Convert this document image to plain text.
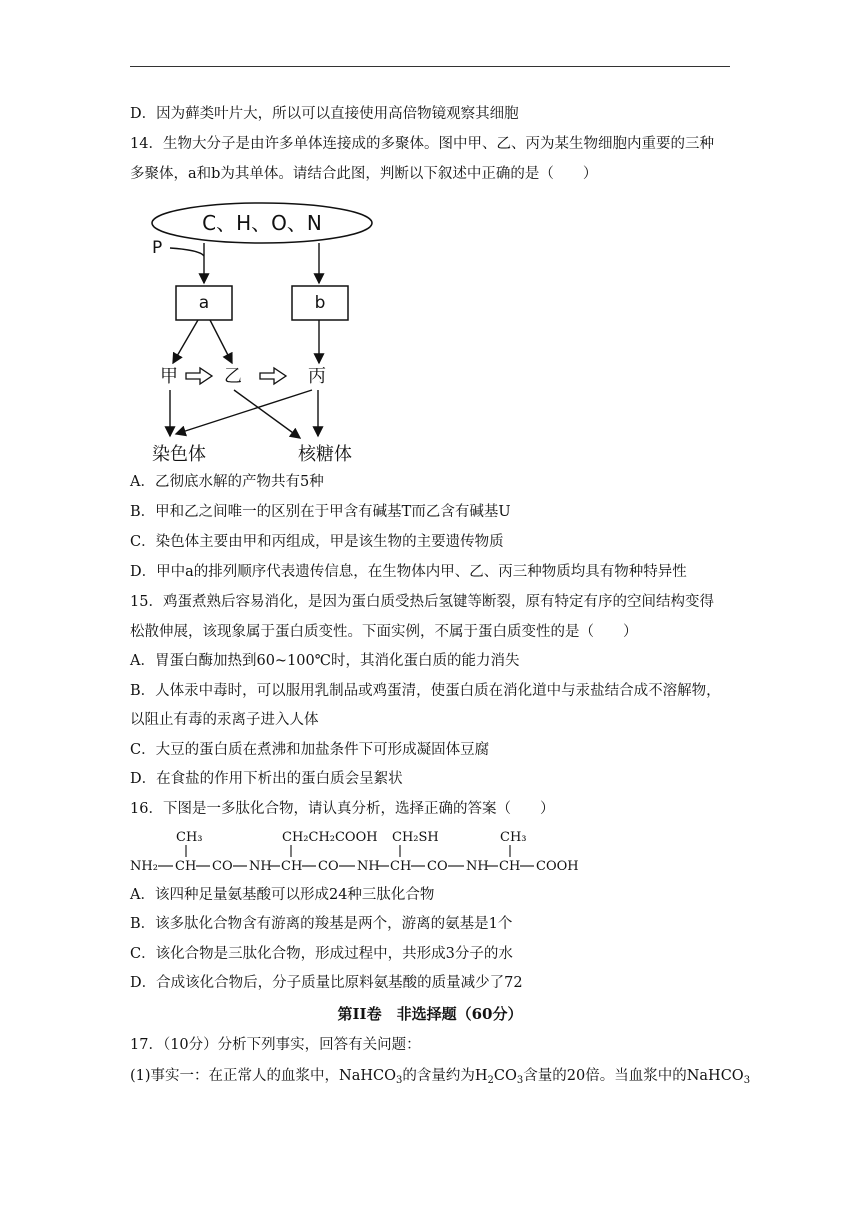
D．因为藓类叶片大，所以可以直接使用高倍物镜观察其细胞
14．生物大分子是由许多单体连接成的多聚体。图中甲、乙、丙为某生物细胞内重要的三种
多聚体，a和b为其单体。请结合此图，判断以下叙述中正确的是（　　）
C、H、O、N
P
a	b
甲	乙	丙
染色体	核糖体
A．乙彻底水解的产物共有5种
B．甲和乙之间唯一的区别在于甲含有碱基T而乙含有碱基U
C．染色体主要由甲和丙组成，甲是该生物的主要遗传物质
D．甲中a的排列顺序代表遗传信息，在生物体内甲、乙、丙三种物质均具有物种特异性
15．鸡蛋煮熟后容易消化，是因为蛋白质受热后氢键等断裂，原有特定有序的空间结构变得
松散伸展，该现象属于蛋白质变性。下面实例，不属于蛋白质变性的是（　　）
A．胃蛋白酶加热到60~100℃时，其消化蛋白质的能力消失
B．人体汞中毒时，可以服用乳制品或鸡蛋清，使蛋白质在消化道中与汞盐结合成不溶解物，
以阻止有毒的汞离子进入人体
C．大豆的蛋白质在煮沸和加盐条件下可形成凝固体豆腐
D．在食盐的作用下析出的蛋白质会呈絮状
16．下图是一多肽化合物，请认真分析，选择正确的答案（　　）
CH₃	CH₂CH₂COOH CH₂SH	CH₃
NH₂ CH CO NH CH CO NH CH CO NH CH COOH
A．该四种足量氨基酸可以形成24种三肽化合物
B．该多肽化合物含有游离的羧基是两个，游离的氨基是1个
C．该化合物是三肽化合物，形成过程中，共形成3分子的水
D．合成该化合物后，分子质量比原料氨基酸的质量减少了72
第II卷　非选择题（60分）
17．（10分）分析下列事实，回答有关问题：
(1)事实一：在正常人的血浆中，NaHCO$_3$的含量约为$H_2CO_3$含量的20倍。当血浆中的NaHCO$_3$
